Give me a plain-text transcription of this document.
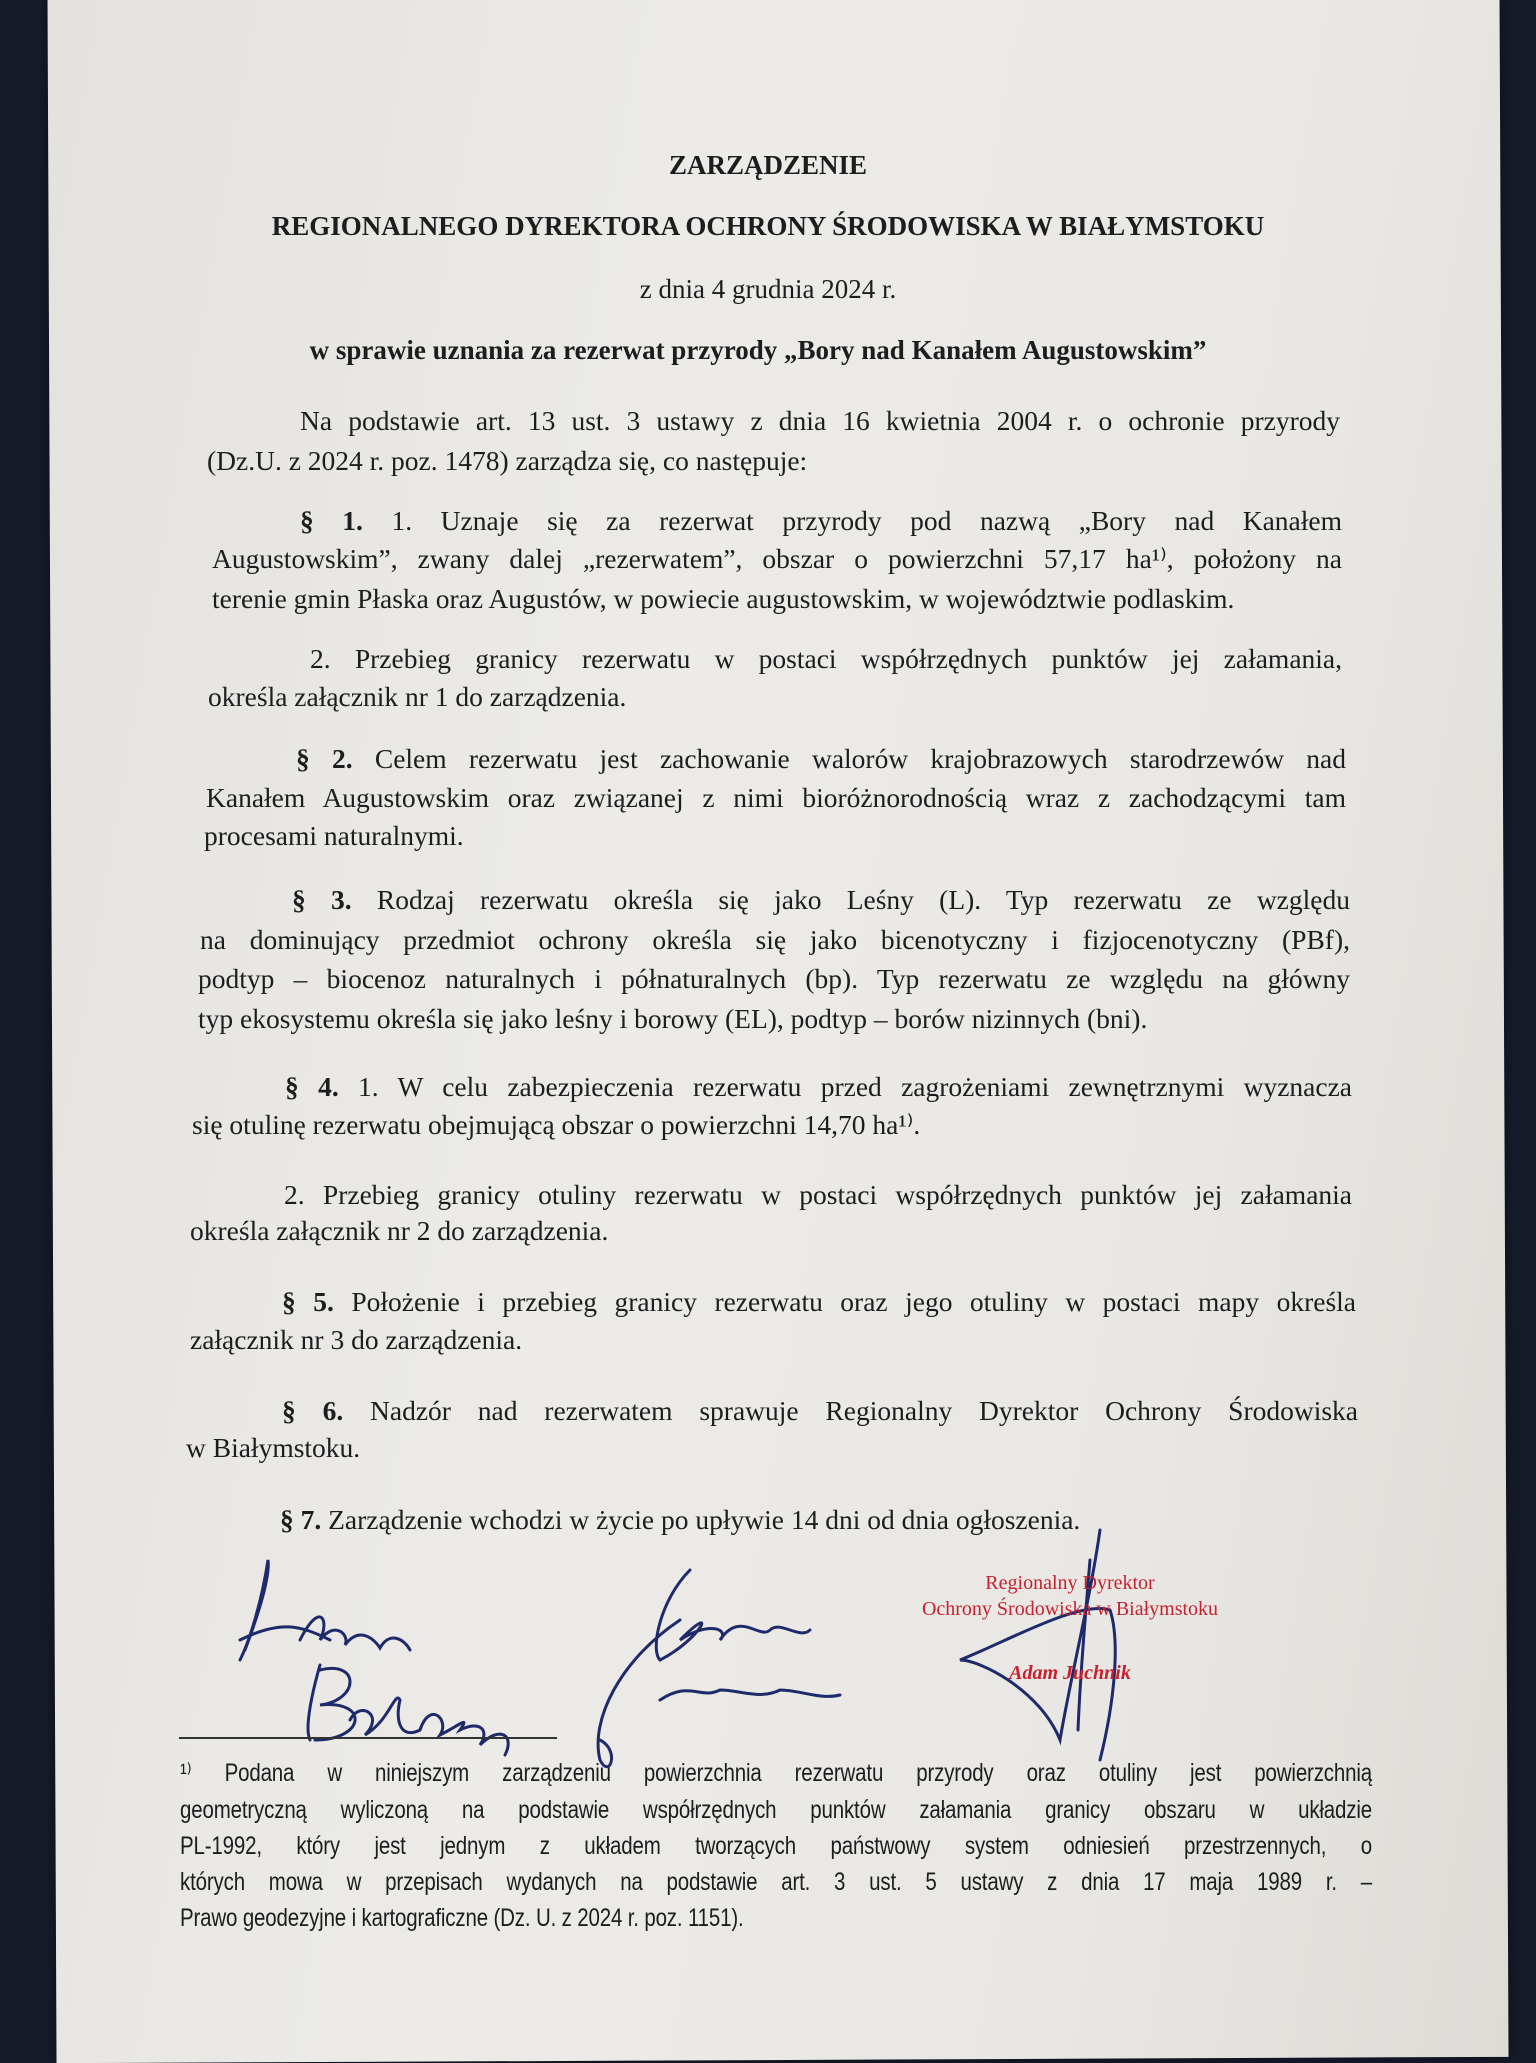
ZARZĄDZENIE
REGIONALNEGO DYREKTORA OCHRONY ŚRODOWISKA W BIAŁYMSTOKU
z dnia 4 grudnia 2024 r.
w sprawie uznania za rezerwat przyrody „Bory nad Kanałem Augustowskim”
Na podstawie art. 13 ust. 3 ustawy z dnia 16 kwietnia 2004 r. o ochronie przyrody
(Dz.U. z 2024 r. poz. 1478) zarządza się, co następuje:
§ 1. 1. Uznaje się za rezerwat przyrody pod nazwą „Bory nad Kanałem
Augustowskim”, zwany dalej „rezerwatem”, obszar o powierzchni 57,17 ha¹⁾, położony na
terenie gmin Płaska oraz Augustów, w powiecie augustowskim, w województwie podlaskim.
2. Przebieg granicy rezerwatu w postaci współrzędnych punktów jej załamania,
określa załącznik nr 1 do zarządzenia.
§ 2. Celem rezerwatu jest zachowanie walorów krajobrazowych starodrzewów nad
Kanałem Augustowskim oraz związanej z nimi bioróżnorodnością wraz z zachodzącymi tam
procesami naturalnymi.
§ 3. Rodzaj rezerwatu określa się jako Leśny (L). Typ rezerwatu ze względu
na dominujący przedmiot ochrony określa się jako bicenotyczny i fizjocenotyczny (PBf),
podtyp – biocenoz naturalnych i półnaturalnych (bp). Typ rezerwatu ze względu na główny
typ ekosystemu określa się jako leśny i borowy (EL), podtyp – borów nizinnych (bni).
§ 4. 1. W celu zabezpieczenia rezerwatu przed zagrożeniami zewnętrznymi wyznacza
się otulinę rezerwatu obejmującą obszar o powierzchni 14,70 ha¹⁾.
2. Przebieg granicy otuliny rezerwatu w postaci współrzędnych punktów jej załamania
określa załącznik nr 2 do zarządzenia.
§ 5. Położenie i przebieg granicy rezerwatu oraz jego otuliny w postaci mapy określa
załącznik nr 3 do zarządzenia.
§ 6. Nadzór nad rezerwatem sprawuje Regionalny Dyrektor Ochrony Środowiska
w Białymstoku.
§ 7. Zarządzenie wchodzi w życie po upływie 14 dni od dnia ogłoszenia.
Regionalny Dyrektor
Ochrony Środowiska w Białymstoku
Adam Juchnik
¹⁾ Podana w niniejszym zarządzeniu powierzchnia rezerwatu przyrody oraz otuliny jest powierzchnią
geometryczną wyliczoną na podstawie współrzędnych punktów załamania granicy obszaru w układzie
PL-1992, który jest jednym z układem tworzących państwowy system odniesień przestrzennych, o
których mowa w przepisach wydanych na podstawie art. 3 ust. 5 ustawy z dnia 17 maja 1989 r. –
Prawo geodezyjne i kartograficzne (Dz. U. z 2024 r. poz. 1151).
